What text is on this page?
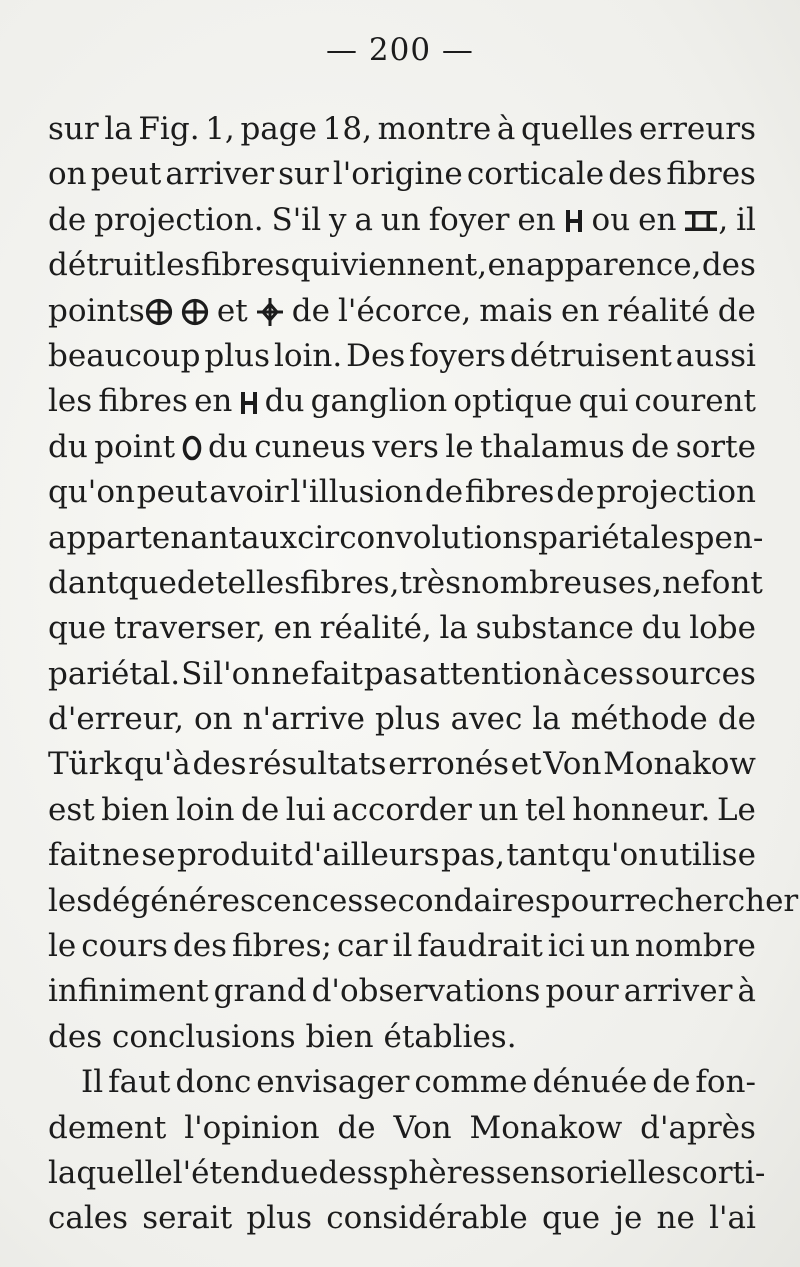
— 200 —
sur la Fig. 1, page 18, montre à quelles erreurs
on peut arriver sur l'origine corticale des fibres
de projection. S'il y a un foyer en ou en	, il
détruit les fibres qui viennent, en apparence, des
points	et de l'écorce, mais en réalité de
beaucoup plus loin. Des foyers détruisent aussi
les fibres en du ganglion optique qui courent
du point du cuneus vers le thalamus de sorte
qu'on peut avoir l'illusion de fibres de projection
appartenant aux circonvolutions pariétales pen-
dant que de telles fibres, très nombreuses, ne font
que traverser, en réalité, la substance du lobe
pariétal. Si l'on ne fait pas attention à ces sources
d'erreur, on n'arrive plus avec la méthode de
Türk qu'à des résultats erronés et Von Monakow
est bien loin de lui accorder un tel honneur. Le
fait ne se produit d'ailleurs pas, tant qu'on utilise
les dégénérescences secondaires pour rechercher
le cours des fibres; car il faudrait ici un nombre
infiniment grand d'observations pour arriver à
des conclusions bien établies.
Il faut donc envisager comme dénuée de fon-
dement l'opinion de Von Monakow d'après
laquelle l'étendue des sphères sensorielles corti-
cales serait plus considérable que je ne l'ai
